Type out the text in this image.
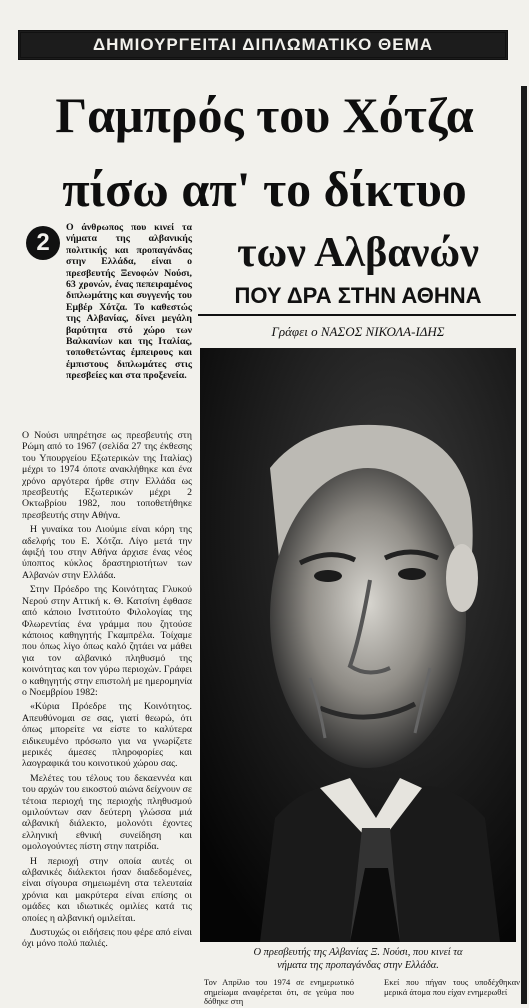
ΔΗΜΙΟΥΡΓΕΙΤΑΙ ΔΙΠΛΩΜΑΤΙΚΟ ΘΕΜΑ
Γαμπρός του Χότζα
πίσω απ' το δίκτυο
των Αλβανών
ΠΟΥ ΔΡΑ ΣΤΗΝ ΑΘΗΝΑ
Γράφει ο ΝΑΣΟΣ ΝΙΚΟΛΑ-ΙΔΗΣ
2

Ο άνθρωπος που κινεί τα νήματα της αλβανικής πολιτικής και προπαγάνδας στην Ελλάδα, είναι ο πρεσβευτής Ξενοφών Νούσι, 63 χρονών, ένας πεπειραμένος διπλωμάτης και συγγενής του Εμβέρ Χότζα. Το καθεστώς της Αλβανίας, δίνει μεγάλη βαρύτητα στό χώρο των Βαλκανίων και της Ιταλίας, τοποθετώντας έμπειρους και έμπιστους διπλωμάτες στις πρεσβείες και στα προξενεία.

Ο Νούσι υπηρέτησε ως πρεσβευτής στη Ρώμη από το 1967 (σελίδα 27 της έκθεσης του Υπουργείου Εξωτερικών της Ιταλίας) μέχρι το 1974 όποτε ανακλήθηκε και ένα χρόνο αργότερα ήρθε στην Ελλάδα ως πρεσβευτής Εξωτερικών μέχρι 2 Οκτωβρίου 1982, που τοποθετήθηκε πρεσβευτής στην Αθήνα.

Η γυναίκα του Λιούμιε είναι κόρη της αδελφής του Ε. Χότζα. Λίγο μετά την άφιξή του στην Αθήνα άρχισε ένας νέος ύποπτος κύκλος δραστηριοτήτων των Αλβανών στην Ελλάδα.

Στην Πρόεδρο της Κοινότητας Γλυκού Νερού στην Αττική κ. Θ. Κατσίνη έφθασε από κάποιο Ινστιτούτο Φιλολογίας της Φλωρεντίας ένα γράμμα που ζητούσε κάποιος καθηγητής Γκαμπρέλα. Τοίχαμε που όπως λίγο όπως καλό ζητάει να μάθει για τον αλβανικό πληθυσμό της κοινότητας και τον γύρω περιοχών. Γράφει ο καθηγητής στην επιστολή με ημερομηνία ο Νοεμβρίου 1982:

«Κύρια Πρόεδρε της Κοινότητος. Απευθύνομαι σε σας, γιατί θεωρώ, ότι όπως μπορείτε να είστε το καλύτερα ειδικευμένο πρόσωπο για να γνωρίζετε μερικές άμεσες πληροφορίες και λαογραφικά του κοινοτικού χώρου σας.

Μελέτες του τέλους του δεκαεννέα και του αρχών του εικοστού αιώνα δείχνουν σε τέτοια περιοχή της περιοχής πληθυσμού ομιλούντων σαν δεύτερη γλώσσα μιά αλβανική διάλεκτο, μολονότι έχοντες ελληνική εθνική συνείδηση και ομολογούντες πίστη στην πατρίδα.

Η περιοχή στην οποία αυτές οι αλβανικές διάλεκτοι ήσαν διαδεδομένες, είναι σίγουρα σημειωμένη στα τελευταία χρόνια και μακρύτερα είναι επίσης οι ομάδες και ιδιωτικές ομιλίες κατά τις οποίες η αλβανική ομιλείται.

Δυστυχώς οι ειδήσεις που φέρε από είναι όχι μόνο πολύ παλιές.

Ο πρεσβευτής της Αλβανίας Ξ. Νούσι, που κινεί τα
νήματα της προπαγάνδας στην Ελλάδα.

Τον Απρίλιο του 1974 σε ενημερωτικό σημείωμα αναφέρεται ότι, σε γεύμα που δόθηκε στη

Εκεί που πήγαν τους υποδέχθηκαν μερικά άτομα που είχαν ενημερωθεί
